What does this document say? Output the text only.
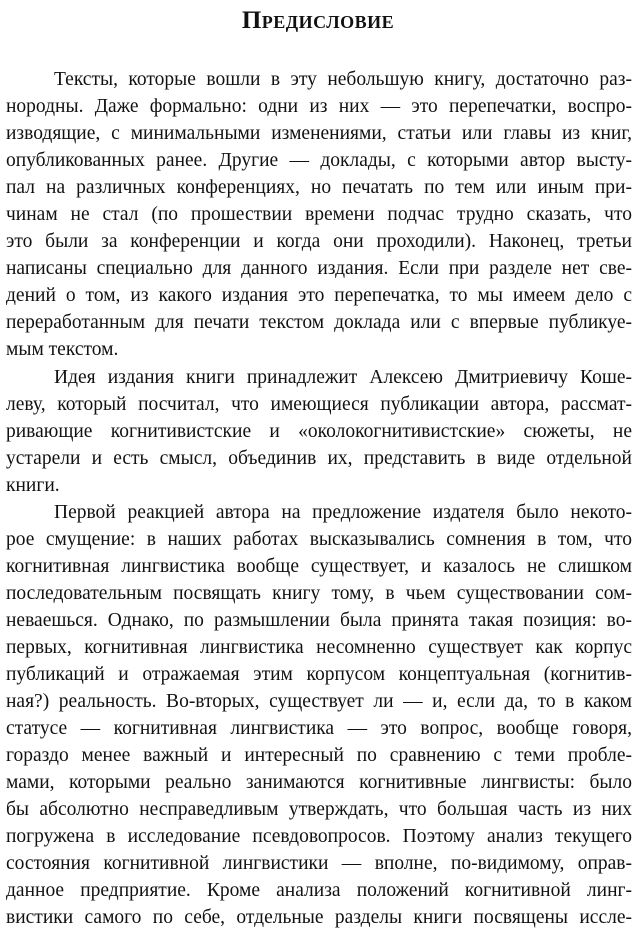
Предисловие
Тексты, которые вошли в эту небольшую книгу, достаточно раз-
нородны. Даже формально: одни из них — это перепечатки, воспро-
изводящие, с минимальными изменениями, статьи или главы из книг,
опубликованных ранее. Другие — доклады, с которыми автор высту-
пал на различных конференциях, но печатать по тем или иным при-
чинам не стал (по прошествии времени подчас трудно сказать, что
это были за конференции и когда они проходили). Наконец, третьи
написаны специально для данного издания. Если при разделе нет све-
дений о том, из какого издания это перепечатка, то мы имеем дело с
переработанным для печати текстом доклада или с впервые публикуе-
мым текстом.
Идея издания книги принадлежит Алексею Дмитриевичу Коше-
леву, который посчитал, что имеющиеся публикации автора, рассмат-
ривающие когнитивистские и «околокогнитивистские» сюжеты, не
устарели и есть смысл, объединив их, представить в виде отдельной
книги.
Первой реакцией автора на предложение издателя было некото-
рое смущение: в наших работах высказывались сомнения в том, что
когнитивная лингвистика вообще существует, и казалось не слишком
последовательным посвящать книгу тому, в чьем существовании сом-
неваешься. Однако, по размышлении была принята такая позиция: во-
первых, когнитивная лингвистика несомненно существует как корпус
публикаций и отражаемая этим корпусом концептуальная (когнитив-
ная?) реальность. Во-вторых, существует ли — и, если да, то в каком
статусе — когнитивная лингвистика — это вопрос, вообще говоря,
гораздо менее важный и интересный по сравнению с теми пробле-
мами, которыми реально занимаются когнитивные лингвисты: было
бы абсолютно несправедливым утверждать, что большая часть из них
погружена в исследование псевдовопросов. Поэтому анализ текущего
состояния когнитивной лингвистики — вполне, по-видимому, оправ-
данное предприятие. Кроме анализа положений когнитивной линг-
вистики самого по себе, отдельные разделы книги посвящены иссле-
